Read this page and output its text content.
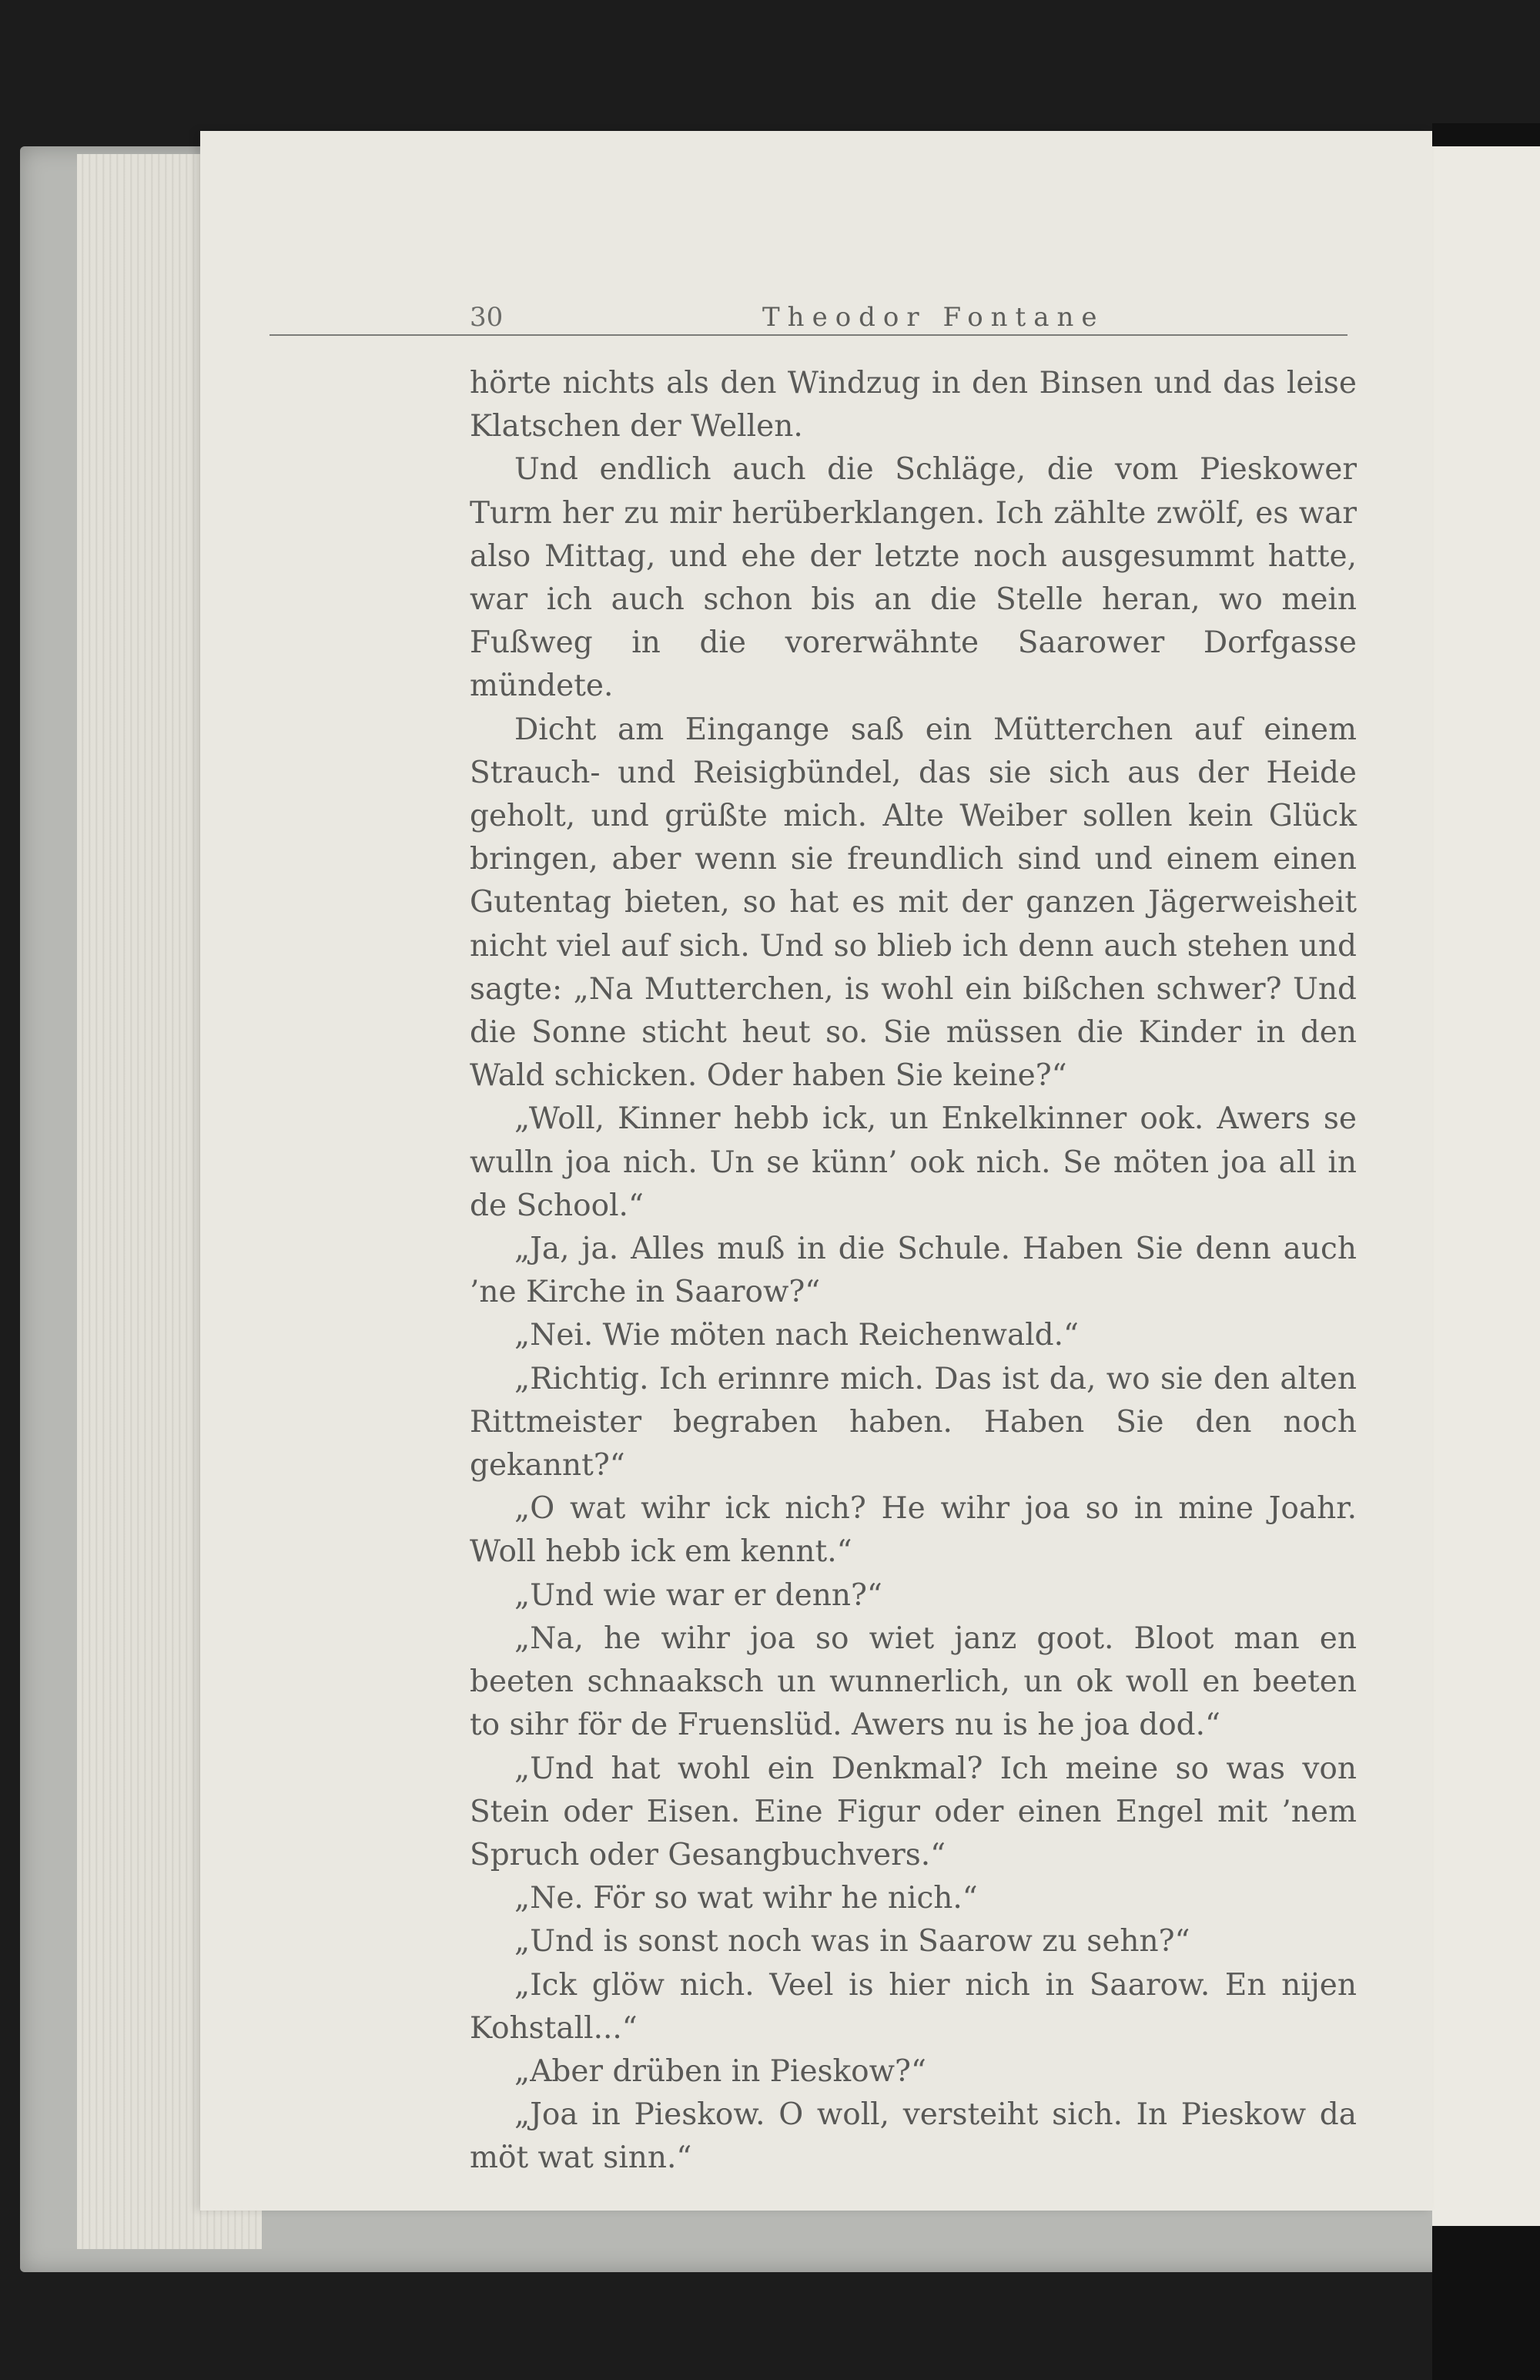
30	Theodor Fontane

hörte nichts als den Windzug in den Binsen und das leise Klatschen der Wellen.

Und endlich auch die Schläge, die vom Pieskower Turm her zu mir herüberklangen. Ich zählte zwölf, es war also Mittag, und ehe der letzte noch ausgesummt hatte, war ich auch schon bis an die Stelle heran, wo mein Fußweg in die vorerwähnte Saarower Dorfgasse mündete.

Dicht am Eingange saß ein Mütterchen auf einem Strauch- und Reisigbündel, das sie sich aus der Heide geholt, und grüßte mich. Alte Weiber sollen kein Glück bringen, aber wenn sie freundlich sind und einem einen Gutentag bieten, so hat es mit der ganzen Jägerweisheit nicht viel auf sich. Und so blieb ich denn auch stehen und sagte: „Na Mutterchen, is wohl ein bißchen schwer? Und die Sonne sticht heut so. Sie müssen die Kinder in den Wald schicken. Oder haben Sie keine?“

„Woll, Kinner hebb ick, un Enkelkinner ook. Awers se wulln joa nich. Un se künn’ ook nich. Se möten joa all in de School.“

„Ja, ja. Alles muß in die Schule. Haben Sie denn auch ’ne Kirche in Saarow?“

„Nei. Wie möten nach Reichenwald.“

„Richtig. Ich erinnre mich. Das ist da, wo sie den alten Rittmeister begraben haben. Haben Sie den noch gekannt?“

„O wat wihr ick nich? He wihr joa so in mine Joahr. Woll hebb ick em kennt.“

„Und wie war er denn?“

„Na, he wihr joa so wiet janz goot. Bloot man en beeten schnaaksch un wunnerlich, un ok woll en beeten to sihr för de Fruenslüd. Awers nu is he joa dod.“

„Und hat wohl ein Denkmal? Ich meine so was von Stein oder Eisen. Eine Figur oder einen Engel mit ’nem Spruch oder Gesangbuchvers.“

„Ne. För so wat wihr he nich.“

„Und is sonst noch was in Saarow zu sehn?“

„Ick glöw nich. Veel is hier nich in Saarow. En nijen Kohstall...“

„Aber drüben in Pieskow?“

„Joa in Pieskow. O woll, versteiht sich. In Pieskow da möt wat sinn.“
